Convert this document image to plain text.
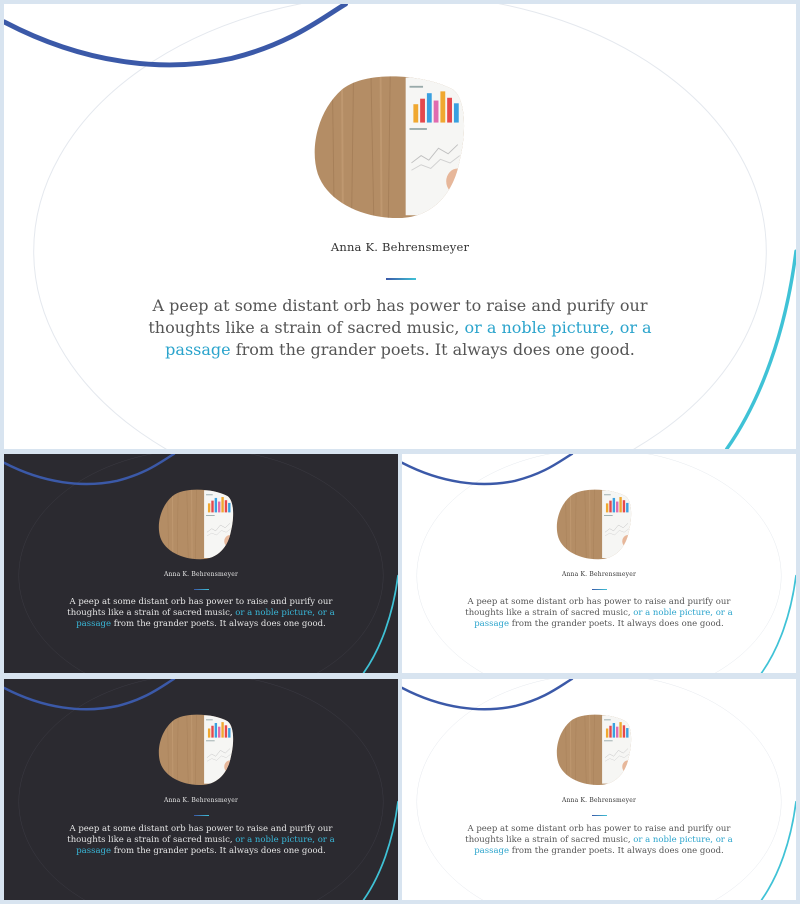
Anna K. Behrensmeyer
A peep at some distant orb has power to raise and purify our thoughts like a strain of sacred music, or a noble picture, or a passage from the grander poets. It always does one good.
Anna K. Behrensmeyer
A peep at some distant orb has power to raise and purify our thoughts like a strain of sacred music, or a noble picture, or a passage from the grander poets. It always does one good.
Anna K. Behrensmeyer
A peep at some distant orb has power to raise and purify our thoughts like a strain of sacred music, or a noble picture, or a passage from the grander poets. It always does one good.
Anna K. Behrensmeyer
A peep at some distant orb has power to raise and purify our thoughts like a strain of sacred music, or a noble picture, or a passage from the grander poets. It always does one good.
Anna K. Behrensmeyer
A peep at some distant orb has power to raise and purify our thoughts like a strain of sacred music, or a noble picture, or a passage from the grander poets. It always does one good.
